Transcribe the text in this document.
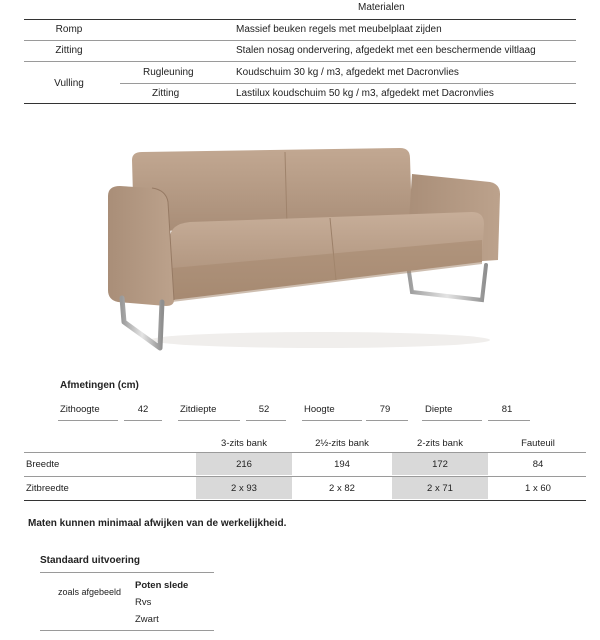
Materialen
Romp	Massief beuken regels met meubelplaat zijden
Zitting	Stalen nosag ondervering, afgedekt met een beschermende viltlaag
Vulling
Rugleuning	Koudschuim 30 kg / m3, afgedekt met Dacronvlies
Zitting	Lastilux koudschuim 50 kg / m3, afgedekt met Dacronvlies
Afmetingen (cm)
Zithoogte	42	Zitdiepte	52	Hoogte	79	Diepte	81
3-zits bank	2½-zits bank	2-zits bank	Fauteuil
Breedte	216	194	172	84
Zitbreedte	2 x 93	2 x 82	2 x 71	1 x 60
Maten kunnen minimaal afwijken van de werkelijkheid.
Standaard uitvoering
zoals afgebeeld
Poten slede
Rvs
Zwart
